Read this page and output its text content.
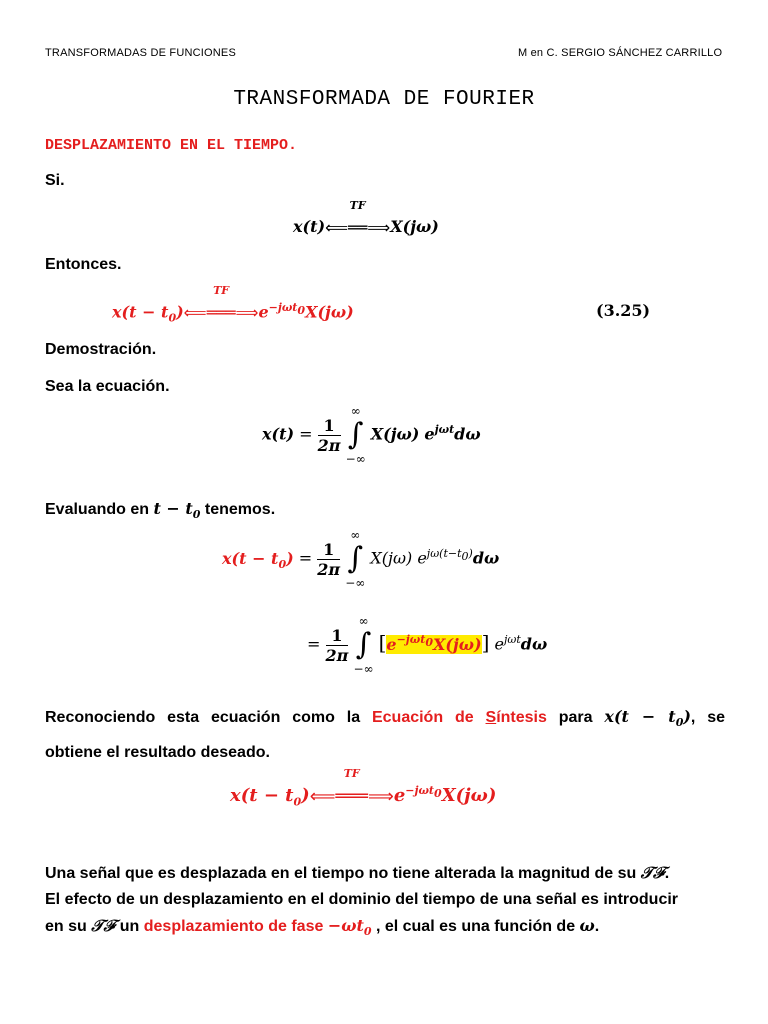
TRANSFORMADAS DE FUNCIONES	M en C. SERGIO SÁNCHEZ CARRILLO
TRANSFORMADA DE FOURIER
DESPLAZAMIENTO EN EL TIEMPO.
Si.
x(t)
TF
⟸══⟹X(jω)
Entonces.
$x(t - t_0)$
TF
$⟸═══⟹e^{-j\omega t_0}X(j\omega)$	(3.25)
Demostración.
Sea la ecuación.
$x(t) = \frac{1}{2\pi}$

∞
∫
−∞
X(jω) $e^{j\omega t}d\omega$
Evaluando en $t - t_0$ tenemos.
$x(t - t_0) = \frac{1}{2\pi}$

∞
∫
−∞
X(jω) $e^{j\omega(t-t_0)}d\omega$
= $\frac{1}{2\pi}$

∞
∫
−∞
$[e^{-j\omega t_0}X(j\omega)]$ $e^{j\omega t}d\omega$
Reconociendo esta ecuación como la Ecuación de Síntesis para $x(t - t_0)$, se
obtiene el resultado deseado.
$x(t - t_0)$
TF
$⟸═══⟹e^{-j\omega t_0}X(j\omega)$
Una señal que es desplazada en el tiempo no tiene alterada la magnitud de su 𝒯ℱ.
El efecto de un desplazamiento en el dominio del tiempo de una señal es introducir
en su 𝒯ℱ un desplazamiento de fase $-\omega t_0$ , el cual es una función de ω.
